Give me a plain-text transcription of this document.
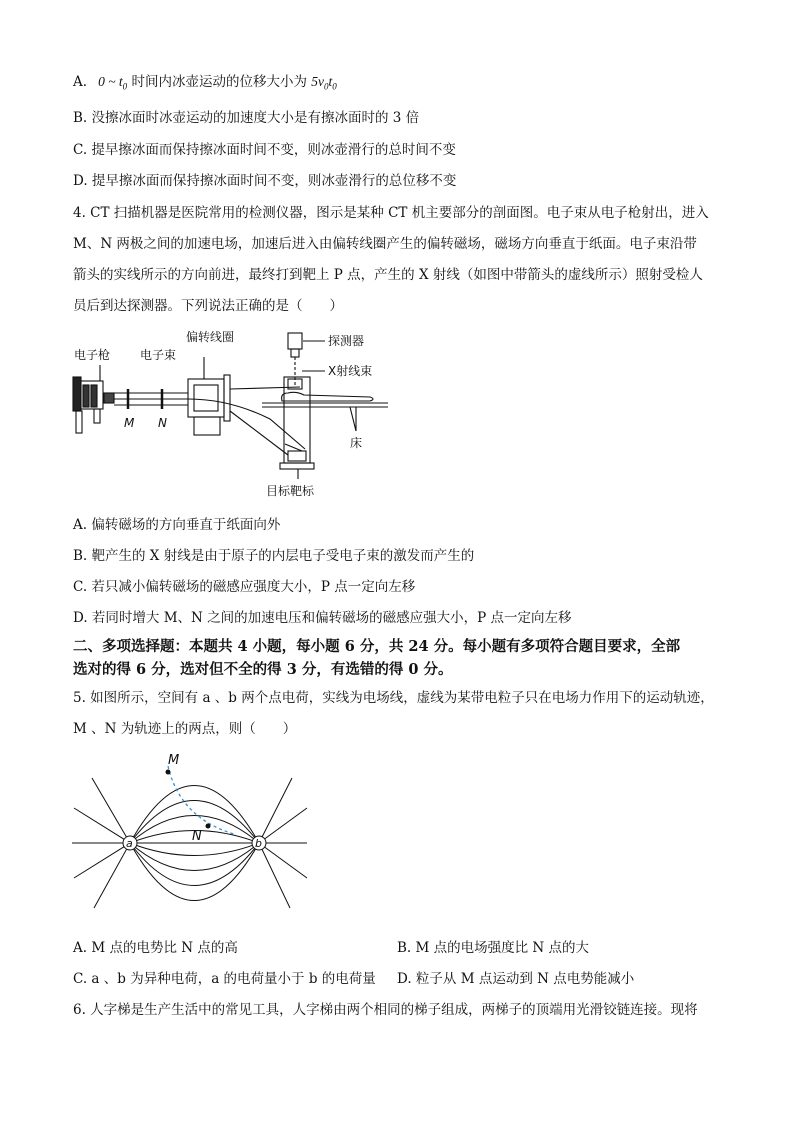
A.   0 ~ $t_0$ 时间内冰壶运动的位移大小为 $5v_0t_0$
B. 没擦冰面时冰壶运动的加速度大小是有擦冰面时的 3 倍
C. 提早擦冰面而保持擦冰面时间不变，则冰壶滑行的总时间不变
D. 提早擦冰面而保持擦冰面时间不变，则冰壶滑行的总位移不变
4. CT 扫描机器是医院常用的检测仪器，图示是某种 CT 机主要部分的剖面图。电子束从电子枪射出，进入
M、N 两极之间的加速电场，加速后进入由偏转线圈产生的偏转磁场，磁场方向垂直于纸面。电子束沿带
箭头的实线所示的方向前进，最终打到靶上 P 点，产生的 X 射线（如图中带箭头的虚线所示）照射受检人
员后到达探测器。下列说法正确的是（　　）
电子枪 电子束
偏转线圈	探测器
X射线束
床
目标靶标
M N
A. 偏转磁场的方向垂直于纸面向外
B. 靶产生的 X 射线是由于原子的内层电子受电子束的激发而产生的
C. 若只减小偏转磁场的磁感应强度大小，P 点一定向左移
D. 若同时增大 M、N 之间的加速电压和偏转磁场的磁感应强大小，P 点一定向左移
二、多项选择题：本题共 4 小题，每小题 6 分，共 24 分。每小题有多项符合题目要求，全部
选对的得 6 分，选对但不全的得 3 分，有选错的得 0 分。
5. 如图所示，空间有 a 、b 两个点电荷，实线为电场线，虚线为某带电粒子只在电场力作用下的运动轨迹，
M 、N 为轨迹上的两点，则（　　）
M
N
a	b
A. M 点的电势比 N 点的高	B. M 点的电场强度比 N 点的大
C. a 、b 为异种电荷，a 的电荷量小于 b 的电荷量 D. 粒子从 M 点运动到 N 点电势能减小
6. 人字梯是生产生活中的常见工具，人字梯由两个相同的梯子组成，两梯子的顶端用光滑铰链连接。现将
